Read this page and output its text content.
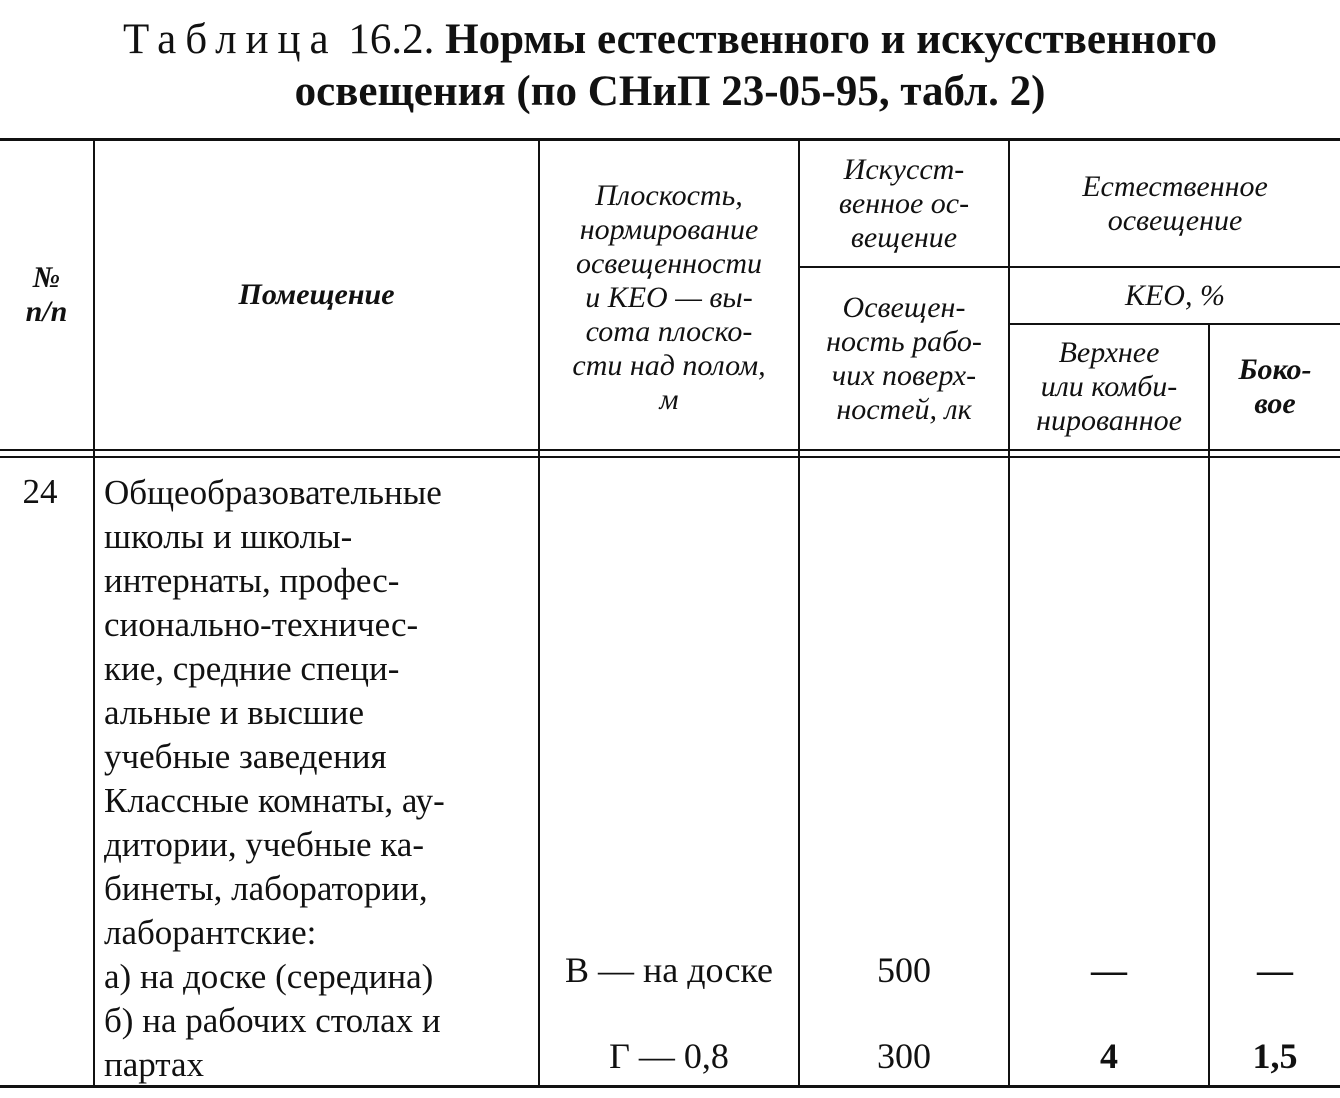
Таблица 16.2. Нормы естественного и искусственного
освещения (по СНиП 23-05-95, табл. 2)
№
п/п
Помещение
Плоскость,
нормирование
освещенности
и КЕО — вы-
сота плоско-
сти над полом,
м
Искусст-
венное ос-
вещение
Освещен-
ность рабо-
чих поверх-
ностей, лк
Естественное
освещение
КЕО, %
Верхнее
или комби-
нированное
Боко-
вое
24	Общеобразовательные
школы и школы-
интернаты, профес-
сионально-техничес-
кие, средние специ-
альные и высшие
учебные заведения
Классные комнаты, ау-
дитории, учебные ка-
бинеты, лаборатории,
лаборантские:
а) на доске (середина)
б) на рабочих столах и
партах
В — на доске
Г — 0,8
500
300
—
4
—
1,5
